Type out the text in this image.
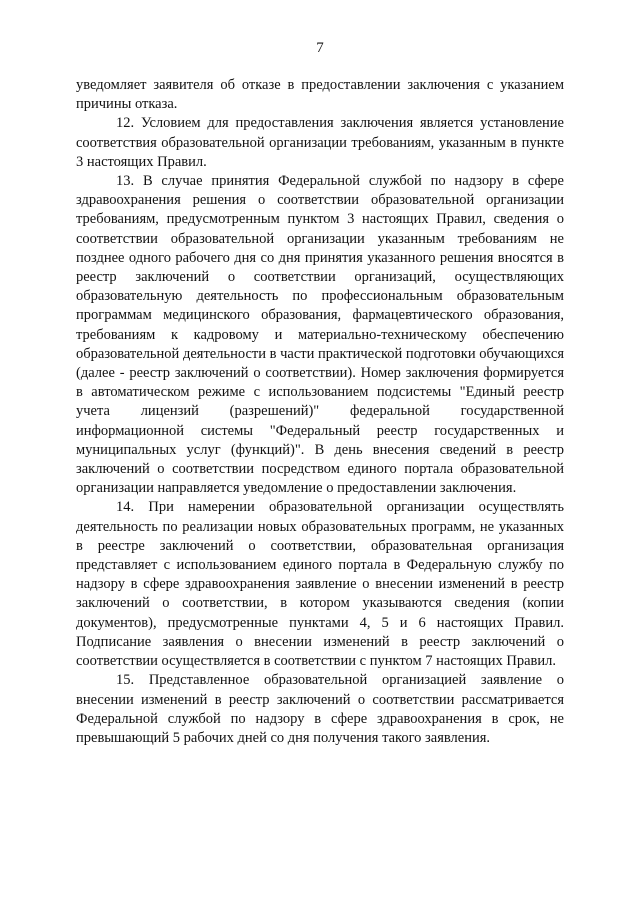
7

уведомляет заявителя об отказе в предоставлении заключения с указанием причины отказа.

12. Условием для предоставления заключения является установление соответствия образовательной организации требованиям, указанным в пункте 3 настоящих Правил.

13. В случае принятия Федеральной службой по надзору в сфере здравоохранения решения о соответствии образовательной организации требованиям, предусмотренным пунктом 3 настоящих Правил, сведения о соответствии образовательной организации указанным требованиям не позднее одного рабочего дня со дня принятия указанного решения вносятся в реестр заключений о соответствии организаций, осуществляющих образовательную деятельность по профессиональным образовательным программам медицинского образования, фармацевтического образования, требованиям к кадровому и материально-техническому обеспечению образовательной деятельности в части практической подготовки обучающихся (далее - реестр заключений о соответствии). Номер заключения формируется в автоматическом режиме с использованием подсистемы "Единый реестр учета лицензий (разрешений)" федеральной государственной информационной системы "Федеральный реестр государственных и муниципальных услуг (функций)". В день внесения сведений в реестр заключений о соответствии посредством единого портала образовательной организации направляется уведомление о предоставлении заключения.

14. При намерении образовательной организации осуществлять деятельность по реализации новых образовательных программ, не указанных в реестре заключений о соответствии, образовательная организация представляет с использованием единого портала в Федеральную службу по надзору в сфере здравоохранения заявление о внесении изменений в реестр заключений о соответствии, в котором указываются сведения (копии документов), предусмотренные пунктами 4, 5 и 6 настоящих Правил. Подписание заявления о внесении изменений в реестр заключений о соответствии осуществляется в соответствии с пунктом 7 настоящих Правил.

15. Представленное образовательной организацией заявление о внесении изменений в реестр заключений о соответствии рассматривается Федеральной службой по надзору в сфере здравоохранения в срок, не превышающий 5 рабочих дней со дня получения такого заявления.
